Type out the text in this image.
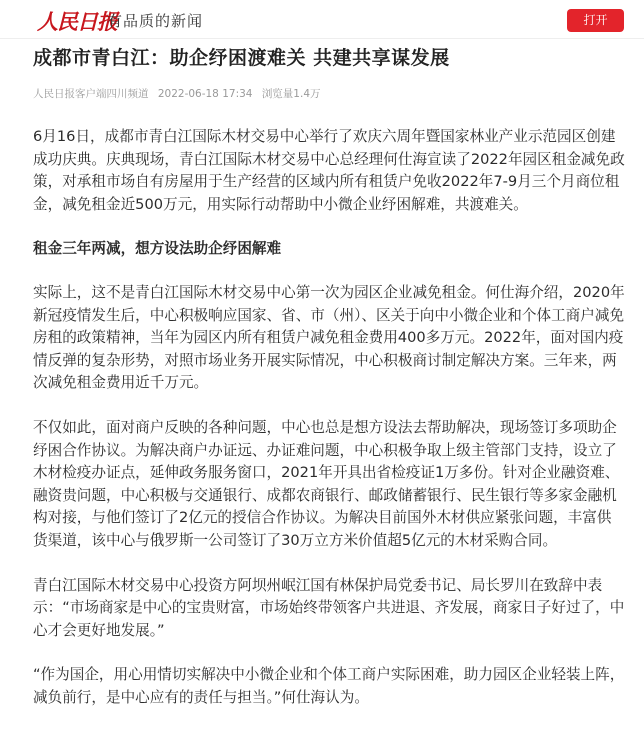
人民日报
有品质的新闻	打开
成都市青白江：助企纾困渡难关 共建共享谋发展
人民日报客户端四川频道 2022-06-18 17:34 浏览量1.4万

6月16日，成都市青白江国际木材交易中心举行了欢庆六周年暨国家林业产业示范园区创建成功庆典。庆典现场，青白江国际木材交易中心总经理何仕海宣读了2022年园区租金减免政策，对承租市场自有房屋用于生产经营的区域内所有租赁户免收2022年7-9月三个月商位租金，减免租金近500万元，用实际行动帮助中小微企业纾困解难，共渡难关。

租金三年两减，想方设法助企纾困解难

实际上，这不是青白江国际木材交易中心第一次为园区企业减免租金。何仕海介绍，2020年新冠疫情发生后，中心积极响应国家、省、市（州）、区关于向中小微企业和个体工商户减免房租的政策精神，当年为园区内所有租赁户减免租金费用400多万元。2022年，面对国内疫情反弹的复杂形势，对照市场业务开展实际情况，中心积极商讨制定解决方案。三年来，两次减免租金费用近千万元。

不仅如此，面对商户反映的各种问题，中心也总是想方设法去帮助解决，现场签订多项助企纾困合作协议。为解决商户办证远、办证难问题，中心积极争取上级主管部门支持，设立了木材检疫办证点，延伸政务服务窗口，2021年开具出省检疫证1万多份。针对企业融资难、融资贵问题，中心积极与交通银行、成都农商银行、邮政储蓄银行、民生银行等多家金融机构对接，与他们签订了2亿元的授信合作协议。为解决目前国外木材供应紧张问题，丰富供货渠道，该中心与俄罗斯一公司签订了30万立方米价值超5亿元的木材采购合同。

青白江国际木材交易中心投资方阿坝州岷江国有林保护局党委书记、局长罗川在致辞中表示：“市场商家是中心的宝贵财富，市场始终带领客户共进退、齐发展，商家日子好过了，中心才会更好地发展。”

“作为国企，用心用情切实解决中小微企业和个体工商户实际困难，助力园区企业轻装上阵，减负前行，是中心应有的责任与担当。”何仕海认为。
